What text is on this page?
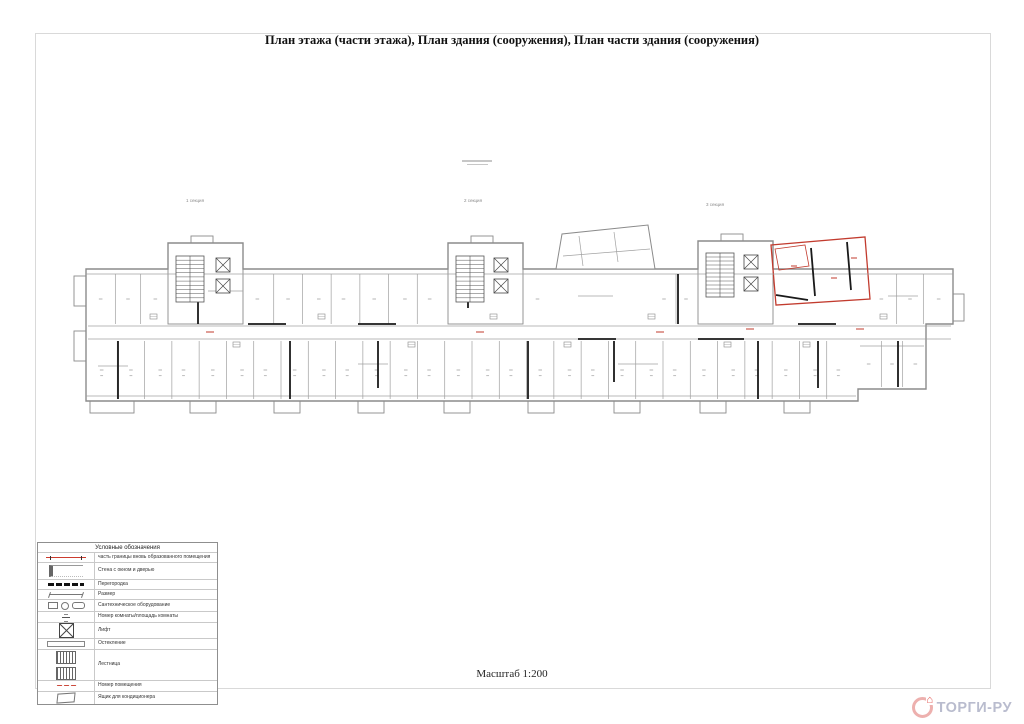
План этажа (части этажа), План здания (сооружения), План части здания (сооружения)
1 секция	2 секция
3 секция
Условные обозначения
часть границы вновь образованного помещения
Стена с окном и дверью
Перегородка
Размер
Сантехническое оборудование
Номер комнаты/площадь комнаты
Лифт
Остекление
Лестница
Номер помещения
Ящик для кондиционера
Масштаб 1:200
⌂ ТОРГИ-РУ
